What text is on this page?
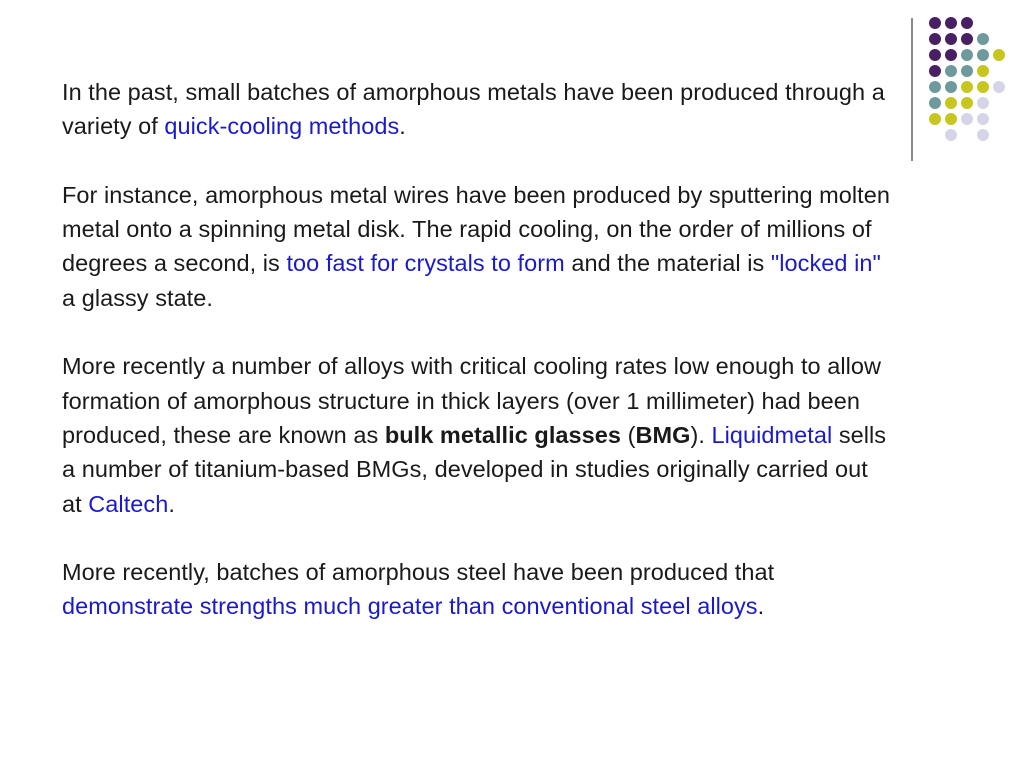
In the past, small batches of amorphous metals have been produced through a variety of quick-cooling methods.

For instance, amorphous metal wires have been produced by sputtering molten metal onto a spinning metal disk. The rapid cooling, on the order of millions of degrees a second, is too fast for crystals to form and the material is "locked in" a glassy state.

More recently a number of alloys with critical cooling rates low enough to allow formation of amorphous structure in thick layers (over 1 millimeter) had been produced, these are known as bulk metallic glasses (BMG). Liquidmetal sells a number of titanium-based BMGs, developed in studies originally carried out at Caltech.

More recently, batches of amorphous steel have been produced that demonstrate strengths much greater than conventional steel alloys.
